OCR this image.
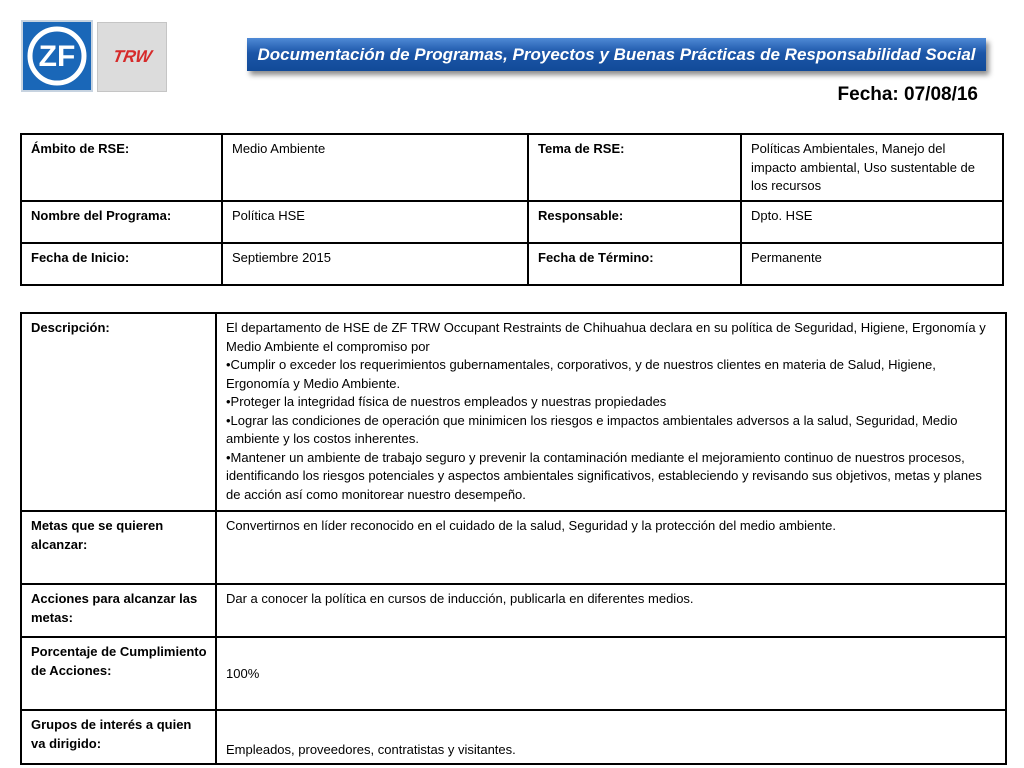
ZF TRW	Documentación de Programas, Proyectos y Buenas Prácticas de Responsabilidad Social
Fecha: 07/08/16
Ámbito de RSE:	Medio Ambiente	Tema de RSE:	Políticas Ambientales, Manejo del impacto ambiental, Uso sustentable de los recursos
Nombre del Programa:	Política HSE	Responsable:	Dpto. HSE
Fecha de Inicio:	Septiembre 2015	Fecha de Término:	Permanente
Descripción:	El departamento de HSE de ZF TRW Occupant Restraints de Chihuahua declara en su política de Seguridad, Higiene, Ergonomía y Medio Ambiente el compromiso por
•Cumplir o exceder los requerimientos gubernamentales, corporativos, y de nuestros clientes en materia de Salud, Higiene, Ergonomía y Medio Ambiente.
•Proteger la integridad física de nuestros empleados y nuestras propiedades
•Lograr las condiciones de operación que minimicen los riesgos e impactos ambientales adversos a la salud, Seguridad, Medio ambiente y los costos inherentes.
•Mantener un ambiente de trabajo seguro y prevenir la contaminación mediante el mejoramiento continuo de nuestros procesos, identificando los riesgos potenciales y aspectos ambientales significativos, estableciendo y revisando sus objetivos, metas y planes de acción así como monitorear nuestro desempeño.

Metas que se quieren alcanzar:	Convertirnos en líder reconocido en el cuidado de la salud, Seguridad y la protección del medio ambiente.
Acciones para alcanzar las metas:	Dar a conocer la política en cursos de inducción, publicarla en diferentes medios.
Porcentaje de Cumplimiento de Acciones:	100%
Grupos de interés a quien va dirigido:	Empleados, proveedores, contratistas y visitantes.
